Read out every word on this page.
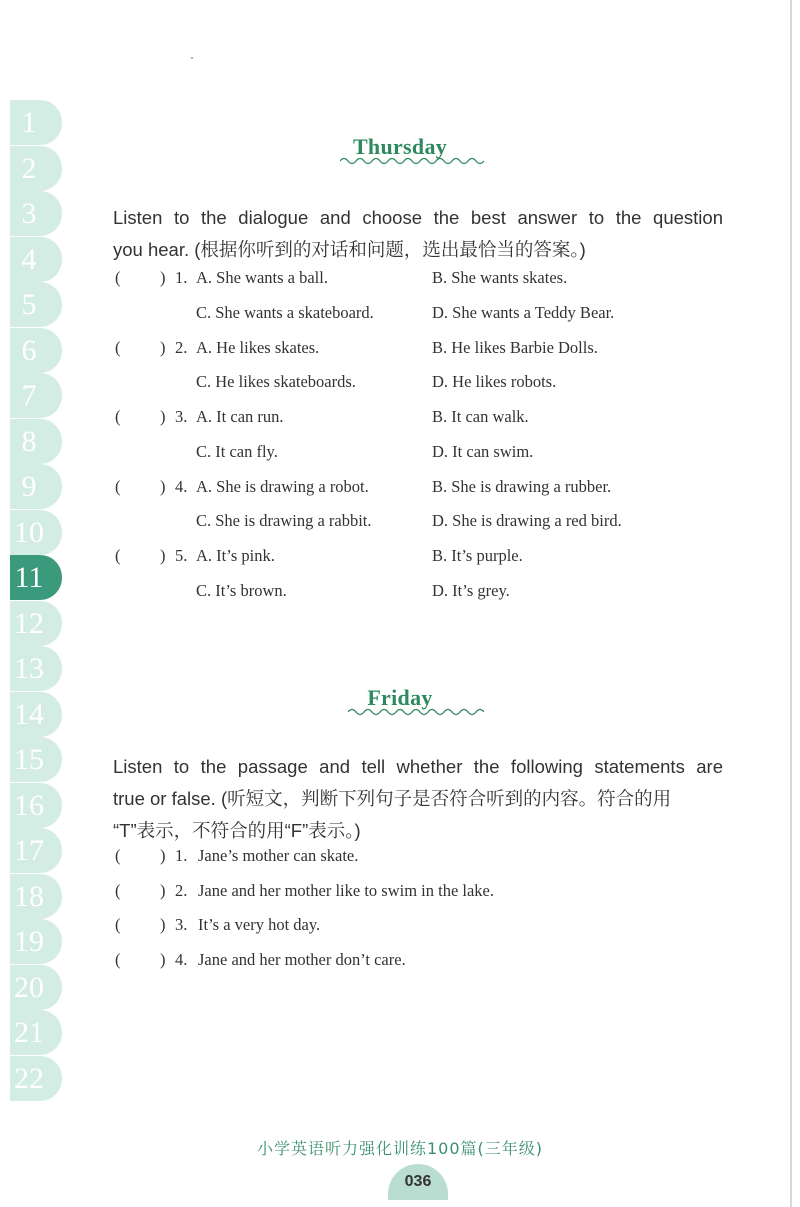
1
2
3
4
5
6
7
8
9
10
11
12
13
14
15
16
17
18
19
20
21
22
Thursday
Listen to the dialogue and choose the best answer to the question
you hear. (根据你听到的对话和问题，选出最恰当的答案。)
( ) 1. A. She wants a ball.	B. She wants skates.
C. She wants a skateboard.	D. She wants a Teddy Bear.
( ) 2. A. He likes skates.	B. He likes Barbie Dolls.
C. He likes skateboards.	D. He likes robots.
( ) 3. A. It can run.	B. It can walk.
C. It can fly.	D. It can swim.
( ) 4. A. She is drawing a robot.	B. She is drawing a rubber.
C. She is drawing a rabbit.	D. She is drawing a red bird.
( ) 5. A. It’s pink.	B. It’s purple.
C. It’s brown.	D. It’s grey.
Friday
Listen to the passage and tell whether the following statements are
true or false. (听短文，判断下列句子是否符合听到的内容。符合的用
“T”表示，不符合的用“F”表示。)
( ) 1. Jane’s mother can skate.
( ) 2. Jane and her mother like to swim in the lake.
( ) 3. It’s a very hot day.
( ) 4. Jane and her mother don’t care.
小学英语听力强化训练100篇(三年级)
036
